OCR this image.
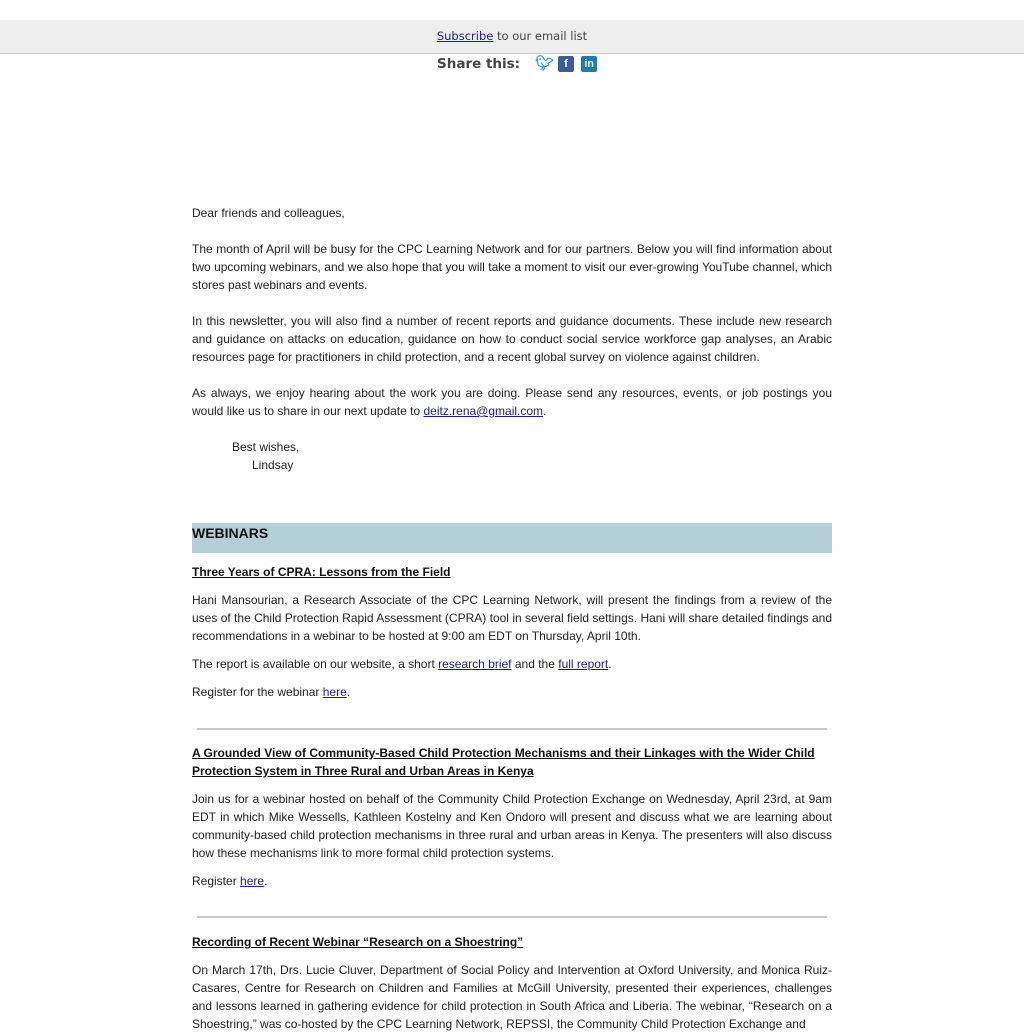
Subscribe to our email list
Share this: 🐦︎ f	in
Dear friends and colleagues,
The month of April will be busy for the CPC Learning Network and for our partners. Below you will find information about two upcoming webinars, and we also hope that you will take a moment to visit our ever-growing YouTube channel, which stores past webinars and events.
In this newsletter, you will also find a number of recent reports and guidance documents. These include new research and guidance on attacks on education, guidance on how to conduct social service workforce gap analyses, an Arabic resources page for practitioners in child protection, and a recent global survey on violence against children.
As always, we enjoy hearing about the work you are doing. Please send any resources, events, or job postings you would like us to share in our next update to deitz.rena@gmail.com.
Best wishes,
Lindsay
WEBINARS
Three Years of CPRA: Lessons from the Field
Hani Mansourian, a Research Associate of the CPC Learning Network, will present the findings from a review of the uses of the Child Protection Rapid Assessment (CPRA) tool in several field settings. Hani will share detailed findings and recommendations in a webinar to be hosted at 9:00 am EDT on Thursday, April 10th.
The report is available on our website, a short research brief and the full report.
Register for the webinar here.
A Grounded View of Community-Based Child Protection Mechanisms and their Linkages with the Wider Child Protection System in Three Rural and Urban Areas in Kenya
Join us for a webinar hosted on behalf of the Community Child Protection Exchange on Wednesday, April 23rd, at 9am EDT in which Mike Wessells, Kathleen Kostelny and Ken Ondoro will present and discuss what we are learning about community-based child protection mechanisms in three rural and urban areas in Kenya. The presenters will also discuss how these mechanisms link to more formal child protection systems.
Register here.
Recording of Recent Webinar “Research on a Shoestring”
On March 17th, Drs. Lucie Cluver, Department of Social Policy and Intervention at Oxford University, and Monica Ruiz-Casares, Centre for Research on Children and Families at McGill University, presented their experiences, challenges and lessons learned in gathering evidence for child protection in South Africa and Liberia. The webinar, “Research on a Shoestring,” was co-hosted by the CPC Learning Network, REPSSI, the Community Child Protection Exchange and
